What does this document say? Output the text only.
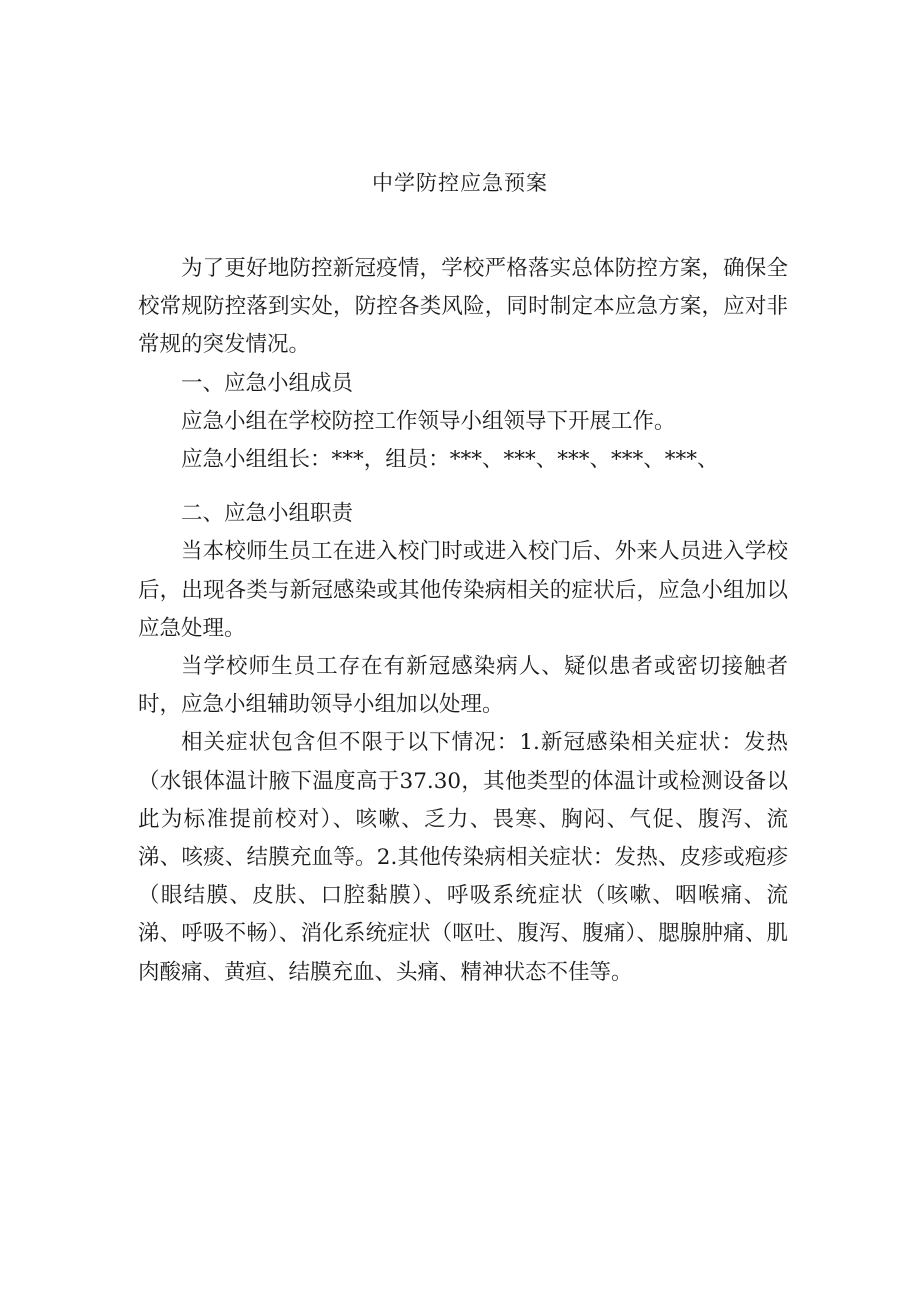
中学防控应急预案

为了更好地防控新冠疫情，学校严格落实总体防控方案，确保全校常规防控落到实处，防控各类风险，同时制定本应急方案，应对非常规的突发情况。

一、应急小组成员

应急小组在学校防控工作领导小组领导下开展工作。

应急小组组长：***，组员：***、***、***、***、***、

二、应急小组职责

当本校师生员工在进入校门时或进入校门后、外来人员进入学校后，出现各类与新冠感染或其他传染病相关的症状后，应急小组加以应急处理。

当学校师生员工存在有新冠感染病人、疑似患者或密切接触者时，应急小组辅助领导小组加以处理。

相关症状包含但不限于以下情况：1.新冠感染相关症状：发热（水银体温计腋下温度高于37.30，其他类型的体温计或检测设备以此为标准提前校对）、咳嗽、乏力、畏寒、胸闷、气促、腹泻、流涕、咳痰、结膜充血等。2.其他传染病相关症状：发热、皮疹或疱疹（眼结膜、皮肤、口腔黏膜）、呼吸系统症状（咳嗽、咽喉痛、流涕、呼吸不畅）、消化系统症状（呕吐、腹泻、腹痛）、腮腺肿痛、肌肉酸痛、黄疸、结膜充血、头痛、精神状态不佳等。
